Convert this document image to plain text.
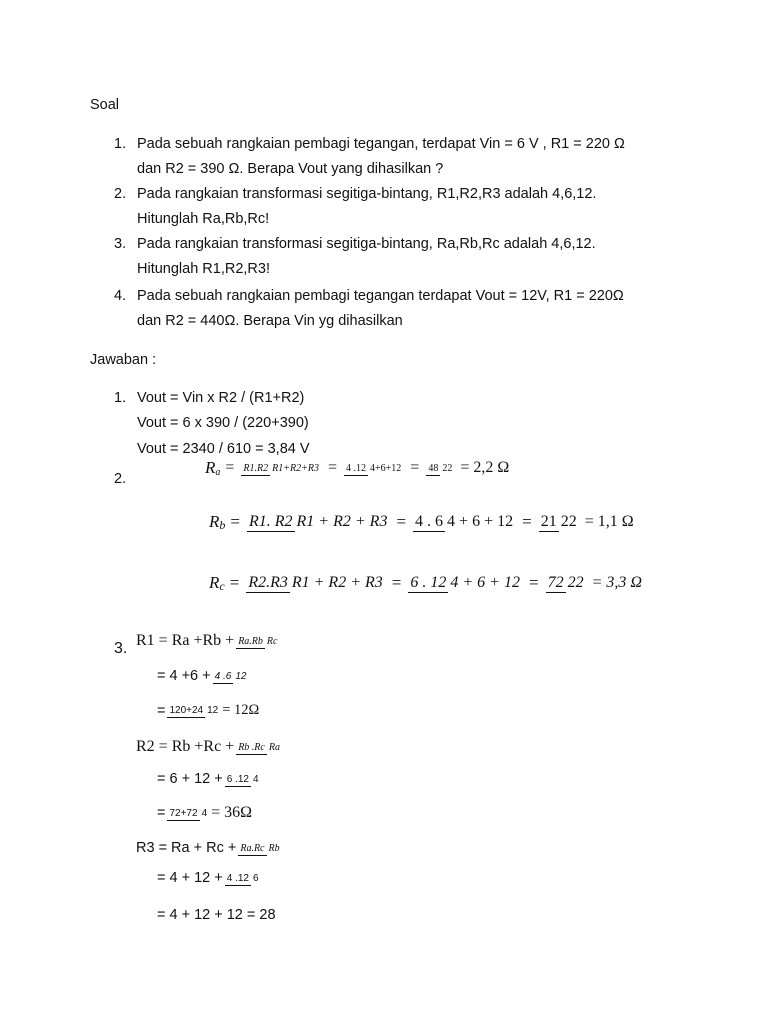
Soal
1. Pada sebuah rangkaian pembagi tegangan, terdapat Vin = 6 V , R1 = 220 Ω
dan R2 = 390 Ω. Berapa Vout yang dihasilkan ?
2. Pada rangkaian transformasi segitiga-bintang, R1,R2,R3 adalah 4,6,12.
Hitunglah Ra,Rb,Rc!
3. Pada rangkaian transformasi segitiga-bintang, Ra,Rb,Rc adalah 4,6,12.
Hitunglah R1,R2,R3!
4. Pada sebuah rangkaian pembagi tegangan terdapat Vout = 12V, R1 = 220Ω
dan R2 = 440Ω. Berapa Vin yg dihasilkan
Jawaban :
1. Vout = Vin x R2 / (R1+R2)
Vout = 6 x 390 / (220+390)
Vout = 2340 / 610 = 3,84 V
2.
R a = R1.R2 R1+R2+R3 = 4 .12 4+6+12 = 48 22 = 2,2 Ω
R b = R1. R2 R1 + R2 + R3 = 4 . 6 4 + 6 + 12 = 21 22 = 1,1 Ω
R c = R2.R3 R1 + R2 + R3 = 6 . 12 4 + 6 + 12 = 72 22 = 3,3 Ω
3. R1 = Ra +Rb + Ra.Rb Rc
= 4 +6 + 4 .6 12
= 120+24 12 = 12Ω
R2 = Rb +Rc + Rb .Rc Ra
= 6 + 12 + 6 .12 4
= 72+72 4 = 36Ω
R3 = Ra + Rc + Ra.Rc Rb
= 4 + 12 + 4 .12 6
= 4 + 12 + 12 = 28
